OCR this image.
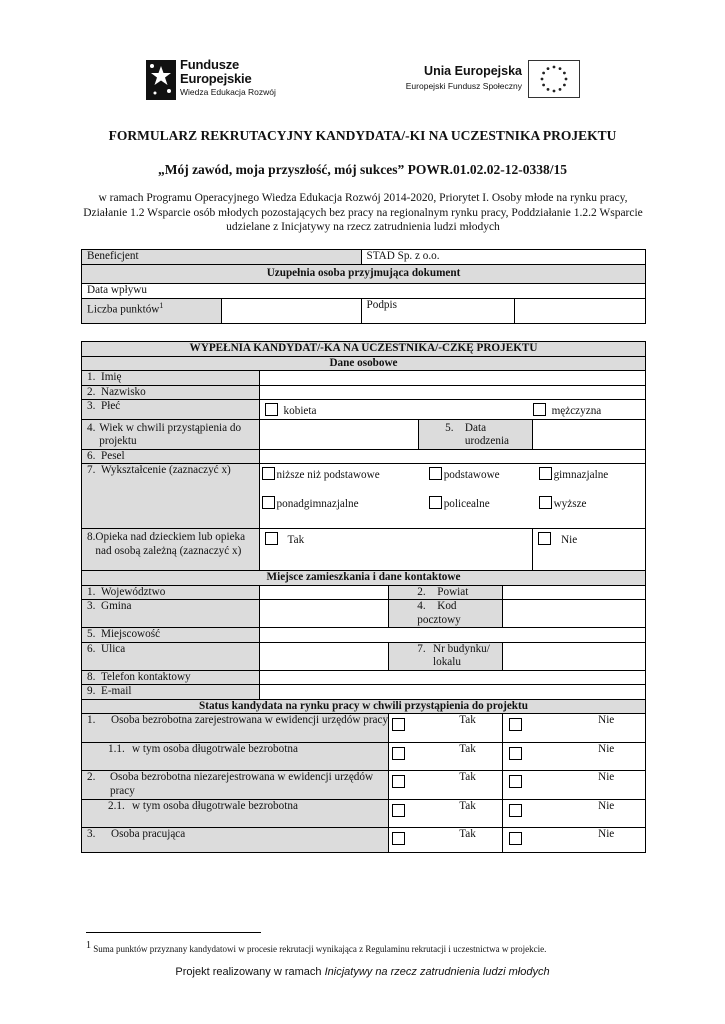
Fundusze
Europejskie
Wiedza Edukacja Rozwój
Unia Europejska
Europejski Fundusz Społeczny
FORMULARZ REKRUTACYJNY KANDYDATA/-KI NA UCZESTNIKA PROJEKTU
„Mój zawód, moja przyszłość, mój sukces” POWR.01.02.02-12-0338/15
w ramach Programu Operacyjnego Wiedza Edukacja Rozwój 2014-2020, Priorytet I. Osoby młode na rynku pracy, Działanie 1.2 Wsparcie osób młodych pozostających bez pracy na regionalnym rynku pracy, Poddziałanie 1.2.2 Wsparcie udzielane z Inicjatywy na rzecz zatrudnienia ludzi młodych
Beneficjent		STAD Sp. z o.o.	
Uzupełnia osoba przyjmująca dokument			
Data wpływu			
Liczba punktów$^1$		Podpis	
WYPEŁNIA KANDYDAT/-KA NA UCZESTNIKA/-CZKĘ PROJEKTU						
Dane osobowe						
1. Imię						
2. Nazwisko						
3. Płeć	kobieta					mężczyzna

4. Wiek w chwili przystąpienia do projektu				5. Data urodzenia		

6. Pesel						
7. Wykształcenie (zaznaczyć x)	niższe niż podstawowe		podstawowe			gimnazjalne
	ponadgimnazjalne		policealne			wyższe

8. Opieka nad dzieckiem lub opieka nad osobą zależną (zaznaczyć x)	Tak					Nie
Miejsce zamieszkania i dane kontaktowe						
1. Województwo		2. Powiat				
3. Gmina		4. Kod pocztowy				
5. Miejscowość						
6. Ulica		7. Nr budynku/ lokalu				

8. Telefon kontaktowy						
9. E-mail						
Status kandydata na rynku pracy w chwili przystąpienia do projektu						

1. Osoba bezrobotna zarejestrowana w ewidencji urzędów pracy		Tak			Nie	

1.1. w tym osoba długotrwale bezrobotna		Tak			Nie	

2. Osoba bezrobotna niezarejestrowana w ewidencji urzędów pracy		Tak			Nie	

2.1. w tym osoba długotrwale bezrobotna		Tak			Nie	

3. Osoba pracująca		Tak			Nie	
$^1$ Suma punktów przyznany kandydatowi w procesie rekrutacji wynikająca z Regulaminu rekrutacji i uczestnictwa w projekcie.
Projekt realizowany w ramach Inicjatywy na rzecz zatrudnienia ludzi młodych
